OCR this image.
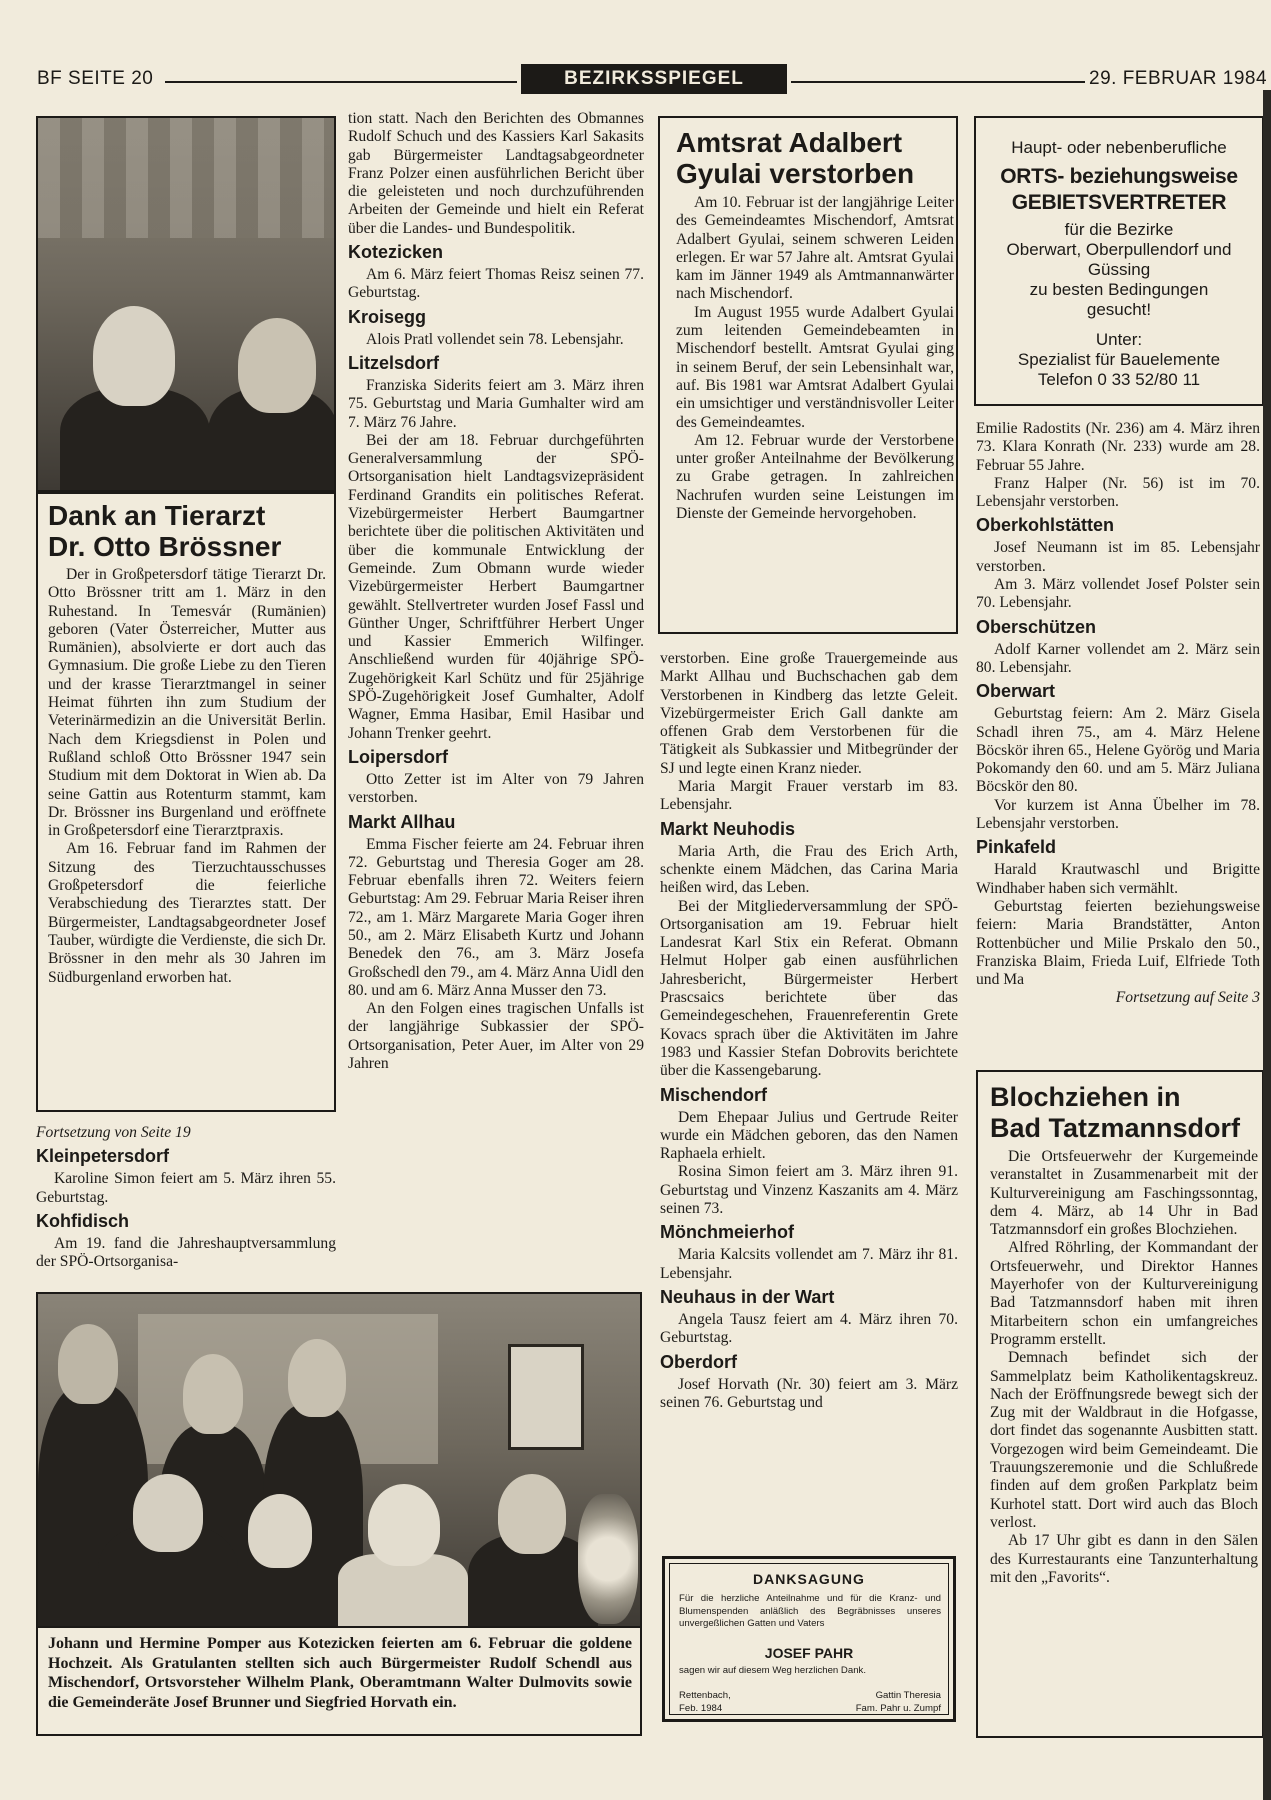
BF SEITE 20	BEZIRKSSPIEGEL	29. FEBRUAR 1984
Dank an Tierarzt
Dr. Otto Brössner

Der in Großpetersdorf tätige Tierarzt Dr. Otto Brössner tritt am 1. März in den Ruhestand. In Temesvár (Rumänien) geboren (Vater Österreicher, Mutter aus Rumänien), absolvierte er dort auch das Gymnasium. Die große Liebe zu den Tieren und der krasse Tierarztmangel in seiner Heimat führten ihn zum Studium der Veterinärmedizin an die Universität Berlin. Nach dem Kriegsdienst in Polen und Rußland schloß Otto Brössner 1947 sein Studium mit dem Doktorat in Wien ab. Da seine Gattin aus Rotenturm stammt, kam Dr. Brössner ins Burgenland und eröffnete in Großpetersdorf eine Tierarztpraxis.

Am 16. Februar fand im Rahmen der Sitzung des Tierzuchtausschusses Großpetersdorf die feierliche Verabschiedung des Tierarztes statt. Der Bürgermeister, Landtagsabgeordneter Josef Tauber, würdigte die Verdienste, die sich Dr. Brössner in den mehr als 30 Jahren im Südburgenland erworben hat.

Fortsetzung von Seite 19

Kleinpetersdorf

Karoline Simon feiert am 5. März ihren 55. Geburtstag.

Kohfidisch

Am 19. fand die Jahreshauptversammlung der SPÖ-Ortsorganisa-

tion statt. Nach den Berichten des Obmannes Rudolf Schuch und des Kassiers Karl Sakasits gab Bürgermeister Landtagsabgeordneter Franz Polzer einen ausführlichen Bericht über die geleisteten und noch durchzuführenden Arbeiten der Gemeinde und hielt ein Referat über die Landes- und Bundespolitik.

Kotezicken

Am 6. März feiert Thomas Reisz seinen 77. Geburtstag.

Kroisegg

Alois Pratl vollendet sein 78. Lebensjahr.

Litzelsdorf

Franziska Siderits feiert am 3. März ihren 75. Geburtstag und Maria Gumhalter wird am 7. März 76 Jahre.

Bei der am 18. Februar durchgeführten Generalversammlung der SPÖ-Ortsorganisation hielt Landtagsvizepräsident Ferdinand Grandits ein politisches Referat. Vizebürgermeister Herbert Baumgartner berichtete über die politischen Aktivitäten und über die kommunale Entwicklung der Gemeinde. Zum Obmann wurde wieder Vizebürgermeister Herbert Baumgartner gewählt. Stellvertreter wurden Josef Fassl und Günther Unger, Schriftführer Herbert Unger und Kassier Emmerich Wilfinger. Anschließend wurden für 40jährige SPÖ-Zugehörigkeit Karl Schütz und für 25jährige SPÖ-Zugehörigkeit Josef Gumhalter, Adolf Wagner, Emma Hasibar, Emil Hasibar und Johann Trenker geehrt.

Loipersdorf

Otto Zetter ist im Alter von 79 Jahren verstorben.

Markt Allhau

Emma Fischer feierte am 24. Februar ihren 72. Geburtstag und Theresia Goger am 28. Februar ebenfalls ihren 72. Weiters feiern Geburtstag: Am 29. Februar Maria Reiser ihren 72., am 1. März Margarete Maria Goger ihren 50., am 2. März Elisabeth Kurtz und Johann Benedek den 76., am 3. März Josefa Großschedl den 79., am 4. März Anna Uidl den 80. und am 6. März Anna Musser den 73.

An den Folgen eines tragischen Unfalls ist der langjährige Subkassier der SPÖ-Ortsorganisation, Peter Auer, im Alter von 29 Jahren

Johann und Hermine Pomper aus Kotezicken feierten am 6. Februar die goldene Hochzeit. Als Gratulanten stellten sich auch Bürgermeister Rudolf Schendl aus Mischendorf, Ortsvorsteher Wilhelm Plank, Oberamtmann Walter Dulmovits sowie die Gemeinderäte Josef Brunner und Siegfried Horvath ein.
Amtsrat Adalbert
Gyulai verstorben

Am 10. Februar ist der langjährige Leiter des Gemeindeamtes Mischendorf, Amtsrat Adalbert Gyulai, seinem schweren Leiden erlegen. Er war 57 Jahre alt. Amtsrat Gyulai kam im Jänner 1949 als Amtmannanwärter nach Mischendorf.

Im August 1955 wurde Adalbert Gyulai zum leitenden Gemeindebeamten in Mischendorf bestellt. Amtsrat Gyulai ging in seinem Beruf, der sein Lebensinhalt war, auf. Bis 1981 war Amtsrat Adalbert Gyulai ein umsichtiger und verständnisvoller Leiter des Gemeindeamtes.

Am 12. Februar wurde der Verstorbene unter großer Anteilnahme der Bevölkerung zu Grabe getragen. In zahlreichen Nachrufen wurden seine Leistungen im Dienste der Gemeinde hervorgehoben.

verstorben. Eine große Trauergemeinde aus Markt Allhau und Buchschachen gab dem Verstorbenen in Kindberg das letzte Geleit. Vizebürgermeister Erich Gall dankte am offenen Grab dem Verstorbenen für die Tätigkeit als Subkassier und Mitbegründer der SJ und legte einen Kranz nieder.

Maria Margit Frauer verstarb im 83. Lebensjahr.

Markt Neuhodis

Maria Arth, die Frau des Erich Arth, schenkte einem Mädchen, das Carina Maria heißen wird, das Leben.

Bei der Mitgliederversammlung der SPÖ-Ortsorganisation am 19. Februar hielt Landesrat Karl Stix ein Referat. Obmann Helmut Holper gab einen ausführlichen Jahresbericht, Bürgermeister Herbert Prascsaics berichtete über das Gemeindegeschehen, Frauenreferentin Grete Kovacs sprach über die Aktivitäten im Jahre 1983 und Kassier Stefan Dobrovits berichtete über die Kassengebarung.

Mischendorf

Dem Ehepaar Julius und Gertrude Reiter wurde ein Mädchen geboren, das den Namen Raphaela erhielt.

Rosina Simon feiert am 3. März ihren 91. Geburtstag und Vinzenz Kaszanits am 4. März seinen 73.

Mönchmeierhof

Maria Kalcsits vollendet am 7. März ihr 81. Lebensjahr.

Neuhaus in der Wart

Angela Tausz feiert am 4. März ihren 70. Geburtstag.

Oberdorf

Josef Horvath (Nr. 30) feiert am 3. März seinen 76. Geburtstag und

DANKSAGUNG
Für die herzliche Anteilnahme und für die Kranz- und Blumenspenden anläßlich des Begräbnisses unseres unvergeßlichen Gatten und Vaters
JOSEF PAHR
sagen wir auf diesem Weg herzlichen Dank.
Rettenbach,
Feb. 1984
Gattin Theresia
Fam. Pahr u. Zumpf
Haupt- oder nebenberufliche
ORTS- beziehungsweise
GEBIETSVERTRETER
für die Bezirke
Oberwart, Oberpullendorf und
Güssing
zu besten Bedingungen
gesucht!
Unter:
Spezialist für Bauelemente
Telefon 0 33 52/80 11

Emilie Radostits (Nr. 236) am 4. März ihren 73. Klara Konrath (Nr. 233) wurde am 28. Februar 55 Jahre.

Franz Halper (Nr. 56) ist im 70. Lebensjahr verstorben.

Oberkohlstätten

Josef Neumann ist im 85. Lebensjahr verstorben.

Am 3. März vollendet Josef Polster sein 70. Lebensjahr.

Oberschützen

Adolf Karner vollendet am 2. März sein 80. Lebensjahr.

Oberwart

Geburtstag feiern: Am 2. März Gisela Schadl ihren 75., am 4. März Helene Böcskör ihren 65., Helene Györög und Maria Pokomandy den 60. und am 5. März Juliana Böcskör den 80.

Vor kurzem ist Anna Übelher im 78. Lebensjahr verstorben.

Pinkafeld

Harald Krautwaschl und Brigitte Windhaber haben sich vermählt.

Geburtstag feierten beziehungsweise feiern: Maria Brandstätter, Anton Rottenbücher und Milie Prskalo den 50., Franziska Blaim, Frieda Luif, Elfriede Toth und Ma

Fortsetzung auf Seite 3

Blochziehen in
Bad Tatzmannsdorf

Die Ortsfeuerwehr der Kurgemeinde veranstaltet in Zusammenarbeit mit der Kulturvereinigung am Faschingssonntag, dem 4. März, ab 14 Uhr in Bad Tatzmannsdorf ein großes Blochziehen.

Alfred Röhrling, der Kommandant der Ortsfeuerwehr, und Direktor Hannes Mayerhofer von der Kulturvereinigung Bad Tatzmannsdorf haben mit ihren Mitarbeitern schon ein umfangreiches Programm erstellt.

Demnach befindet sich der Sammelplatz beim Katholikentagskreuz. Nach der Eröffnungsrede bewegt sich der Zug mit der Waldbraut in die Hofgasse, dort findet das sogenannte Ausbitten statt. Vorgezogen wird beim Gemeindeamt. Die Trauungszeremonie und die Schlußrede finden auf dem großen Parkplatz beim Kurhotel statt. Dort wird auch das Bloch verlost.

Ab 17 Uhr gibt es dann in den Sälen des Kurrestaurants eine Tanzunterhaltung mit den „Favorits“.
